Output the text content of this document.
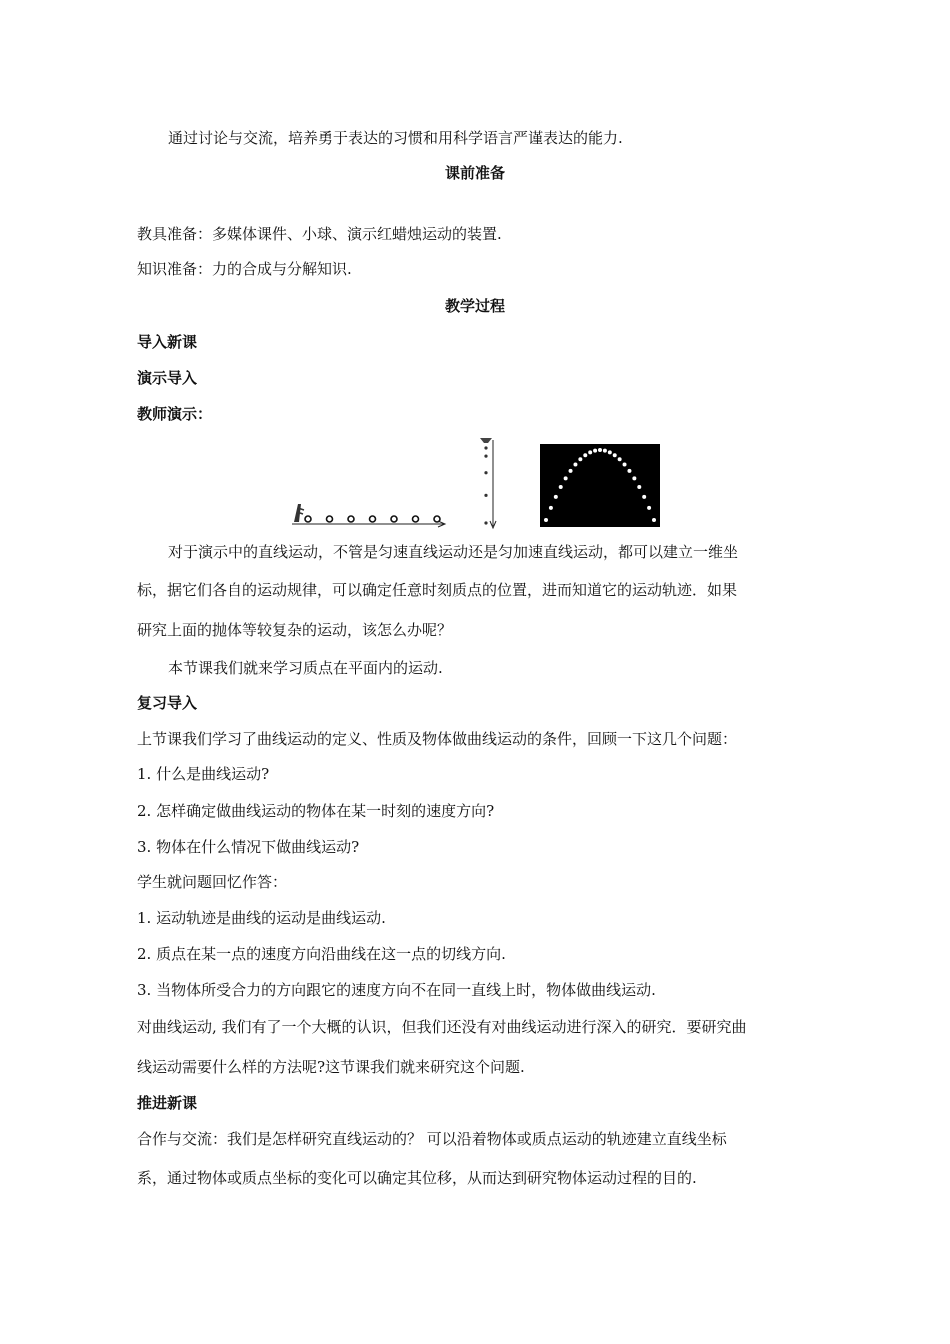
通过讨论与交流，培养勇于表达的习惯和用科学语言严谨表达的能力.
课前准备
教具准备：多媒体课件、小球、演示红蜡烛运动的装置.
知识准备：力的合成与分解知识.
教学过程
导入新课
演示导入
教师演示：
对于演示中的直线运动，不管是匀速直线运动还是匀加速直线运动，都可以建立一维坐
标，据它们各自的运动规律，可以确定任意时刻质点的位置，进而知道它的运动轨迹．如果
研究上面的抛体等较复杂的运动，该怎么办呢？
本节课我们就来学习质点在平面内的运动.
复习导入
上节课我们学习了曲线运动的定义、性质及物体做曲线运动的条件，回顾一下这几个问题：
1. 什么是曲线运动?
2. 怎样确定做曲线运动的物体在某一时刻的速度方向?
3. 物体在什么情况下做曲线运动?
学生就问题回忆作答：
1. 运动轨迹是曲线的运动是曲线运动.
2. 质点在某一点的速度方向沿曲线在这一点的切线方向.
3. 当物体所受合力的方向跟它的速度方向不在同一直线上时，物体做曲线运动.
对曲线运动, 我们有了一个大概的认识，但我们还没有对曲线运动进行深入的研究．要研究曲
线运动需要什么样的方法呢?这节课我们就来研究这个问题.
推进新课
合作与交流：我们是怎样研究直线运动的？ 可以沿着物体或质点运动的轨迹建立直线坐标
系，通过物体或质点坐标的变化可以确定其位移，从而达到研究物体运动过程的目的.
